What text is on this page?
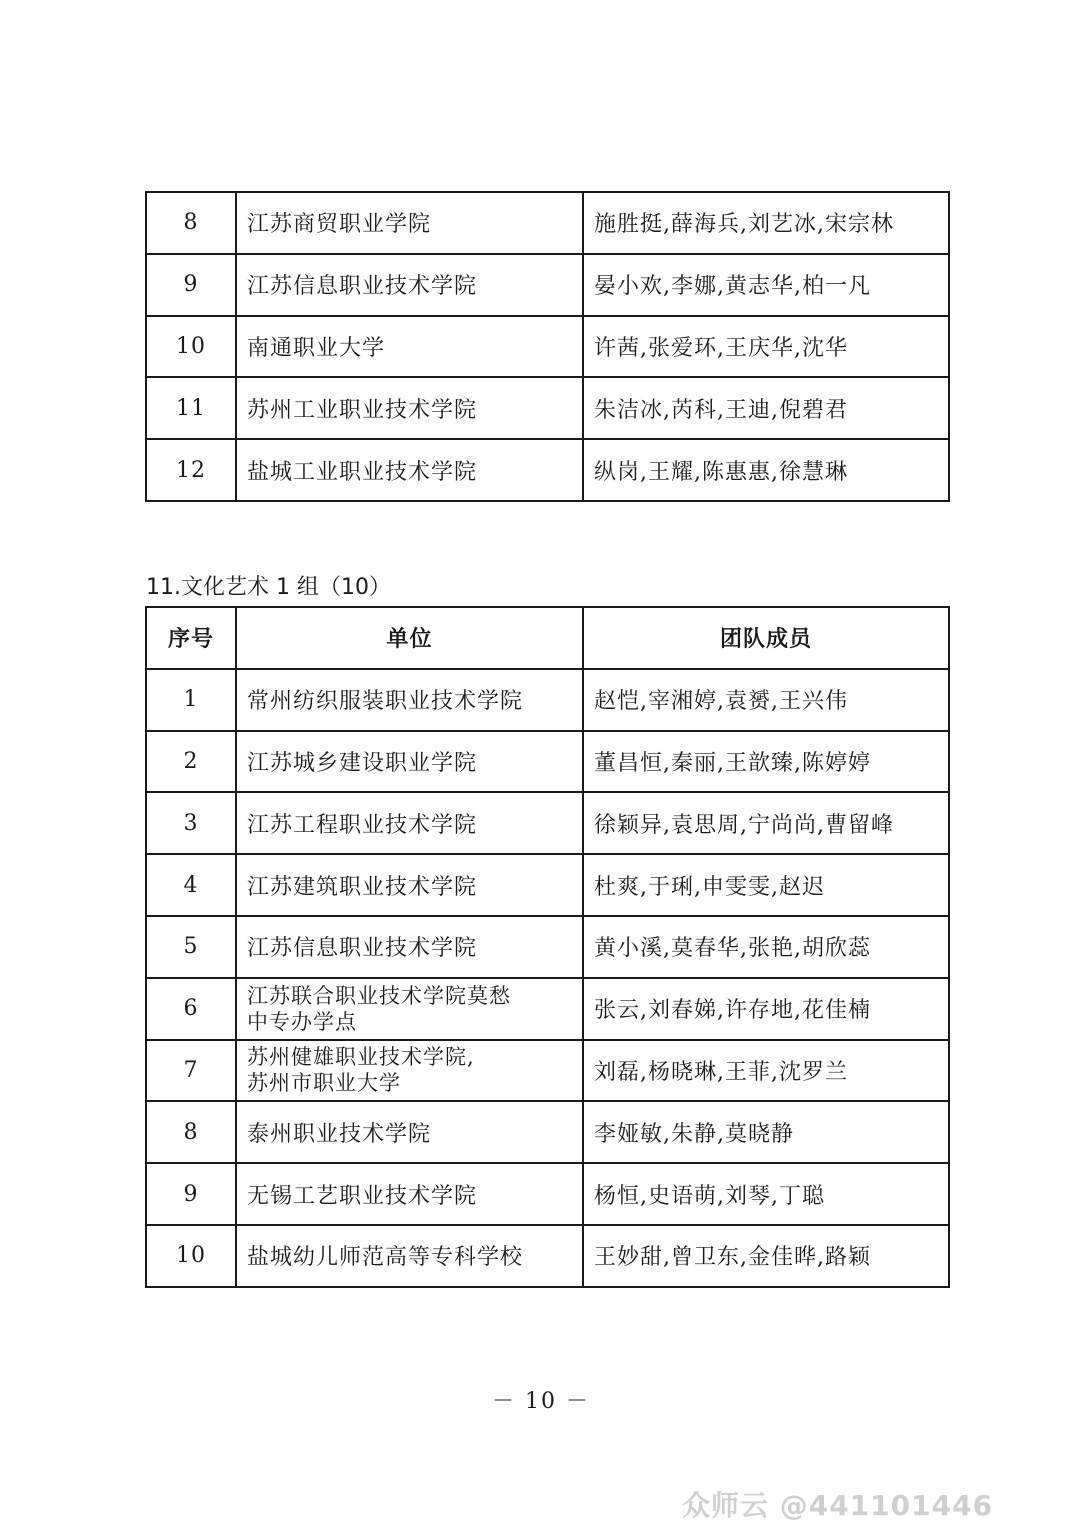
8	江苏商贸职业学院	施胜挺,薛海兵,刘艺冰,宋宗林
9	江苏信息职业技术学院	晏小欢,李娜,黄志华,柏一凡
10	南通职业大学	许茜,张爱环,王庆华,沈华
11	苏州工业职业技术学院	朱洁冰,芮科,王迪,倪碧君
12	盐城工业职业技术学院	纵岗,王耀,陈惠惠,徐慧琳
11.文化艺术 1 组（10）
序号	单位	团队成员
1	常州纺织服装职业技术学院	赵恺,宰湘婷,袁赟,王兴伟
2	江苏城乡建设职业学院	董昌恒,秦丽,王歆臻,陈婷婷
3	江苏工程职业技术学院	徐颖异,袁思周,宁尚尚,曹留峰
4	江苏建筑职业技术学院	杜爽,于琍,申雯雯,赵迟
5	江苏信息职业技术学院	黄小溪,莫春华,张艳,胡欣蕊
6	江苏联合职业技术学院莫愁
中专办学点	张云,刘春娣,许存地,花佳楠
7	苏州健雄职业技术学院,
苏州市职业大学	刘磊,杨晓琳,王菲,沈罗兰
8	泰州职业技术学院	李娅敏,朱静,莫晓静
9	无锡工艺职业技术学院	杨恒,史语萌,刘琴,丁聪
10	盐城幼儿师范高等专科学校	王妙甜,曾卫东,金佳晔,路颖
－ 10 －
众师云 @441101446
